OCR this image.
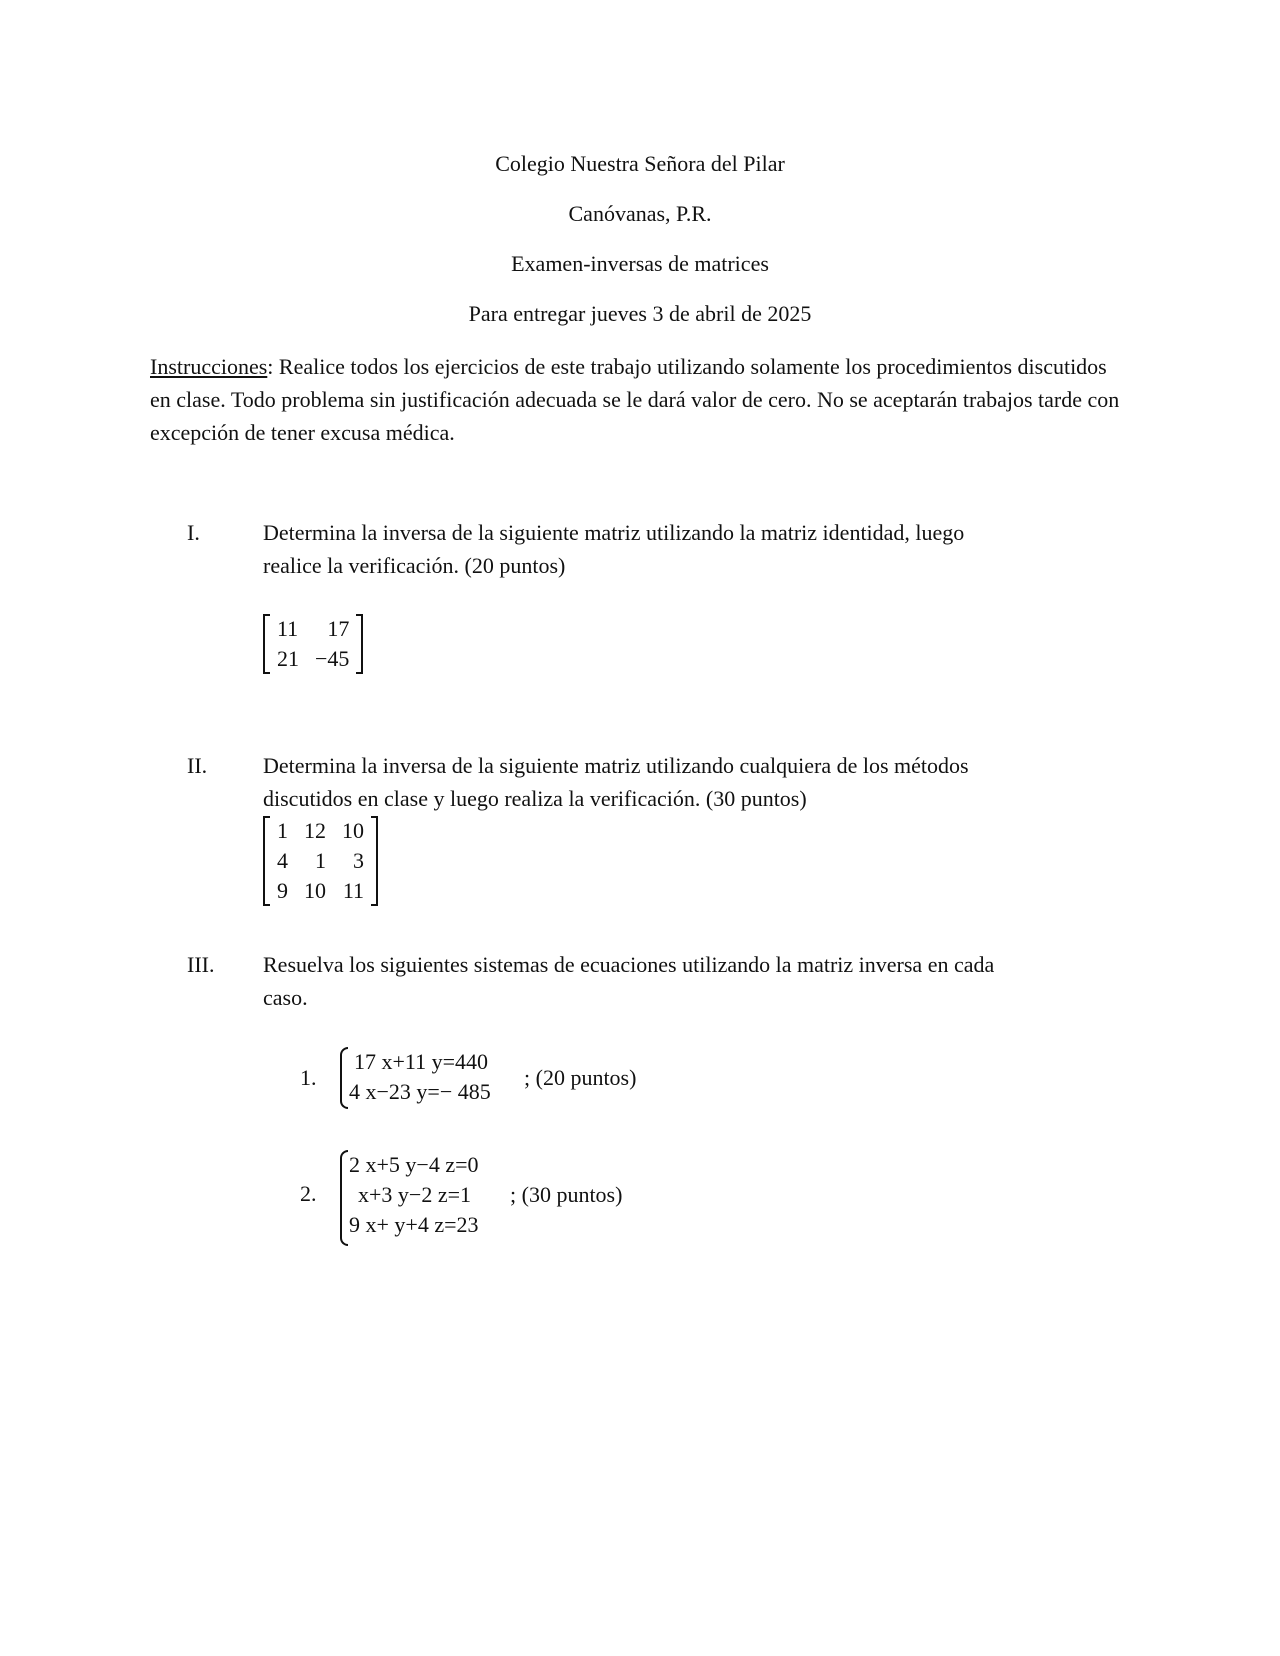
Colegio Nuestra Señora del Pilar
Canóvanas, P.R.
Examen-inversas de matrices
Para entregar jueves 3 de abril de 2025
Instrucciones: Realice todos los ejercicios de este trabajo utilizando solamente los procedimientos discutidos en clase. Todo problema sin justificación adecuada se le dará valor de cero. No se aceptarán trabajos tarde con excepción de tener excusa médica.
I.	Determina la inversa de la siguiente matriz utilizando la matriz identidad, luego
realice la verificación. (20 puntos)
11	17
21	−45
II.	Determina la inversa de la siguiente matriz utilizando cualquiera de los métodos
discutidos en clase y luego realiza la verificación. (30 puntos)
1	12	10
4	1	3
9	10	11
III. Resuelva los siguientes sistemas de ecuaciones utilizando la matriz inversa en cada
caso.
1.
17 x+11 y=440
4 x−23 y=− 485
; (20 puntos)
2.
2 x+5 y−4 z=0
x+3 y−2 z=1
9 x+ y+4 z=23
; (30 puntos)
